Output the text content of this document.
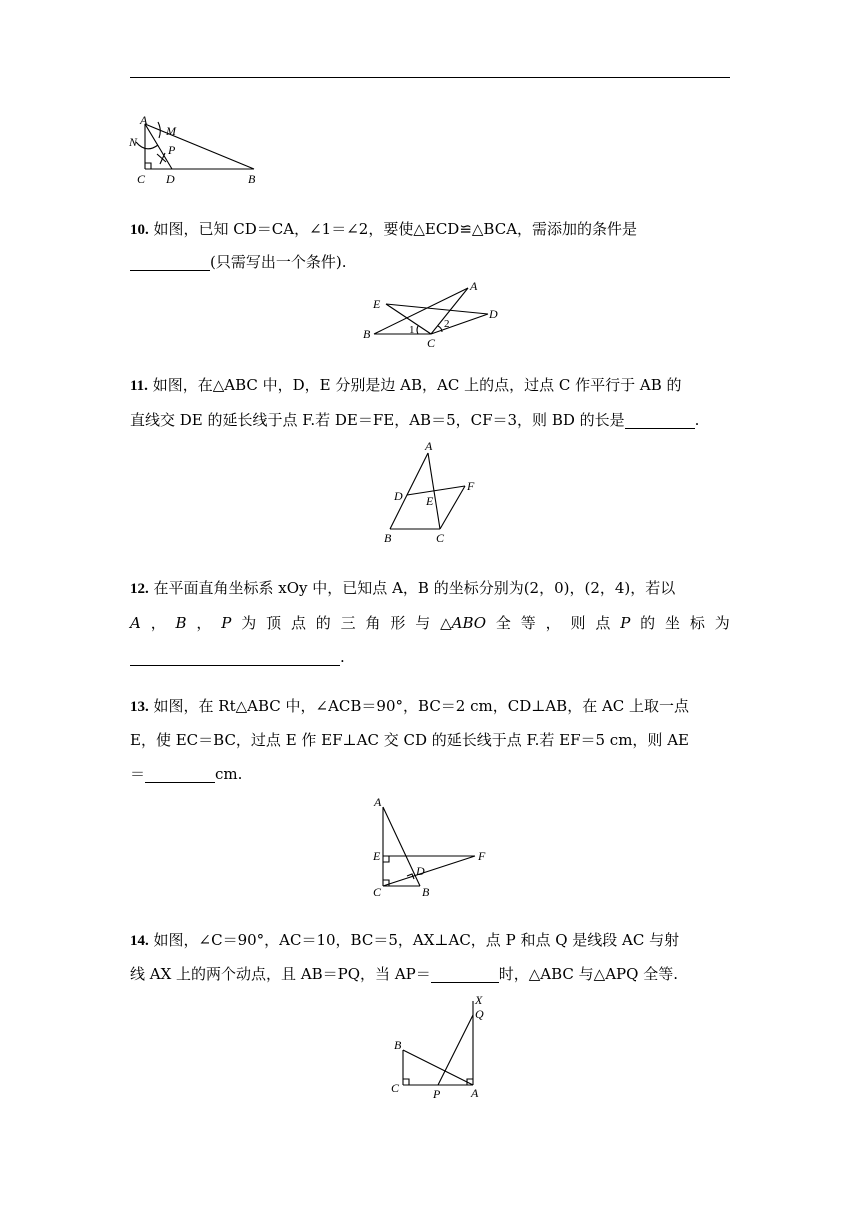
A
M
N
P
C D	B
10. 如图，已知 CD＝CA，∠1＝∠2，要使△ECD≌△BCA，需添加的条件是
(只需写出一个条件).
E
A
D
B
C
1	2
11. 如图，在△ABC 中，D，E 分别是边 AB，AC 上的点，过点 C 作平行于 AB 的
直线交 DE 的延长线于点 F.若 DE＝FE，AB＝5，CF＝3，则 BD 的长是	.
A
D E
F
B	C
12. 在平面直角坐标系 xOy 中，已知点 A，B 的坐标分别为(2，0)，(2，4)，若以
A ， B ， P 为 顶 点 的 三 角 形 与 △ABO 全 等 ， 则 点 P 的 坐 标 为
.
13. 如图，在 Rt△ABC 中，∠ACB＝90°，BC＝2 cm，CD⊥AB，在 AC 上取一点
E，使 EC＝BC，过点 E 作 EF⊥AC 交 CD 的延长线于点 F.若 EF＝5 cm，则 AE
＝	cm.
A
E
D
F
C	B
14. 如图，∠C＝90°，AC＝10，BC＝5，AX⊥AC，点 P 和点 Q 是线段 AC 与射
线 AX 上的两个动点，且 AB＝PQ，当 AP＝	时，△ABC 与△APQ 全等.
X
Q
B
C	P	A
